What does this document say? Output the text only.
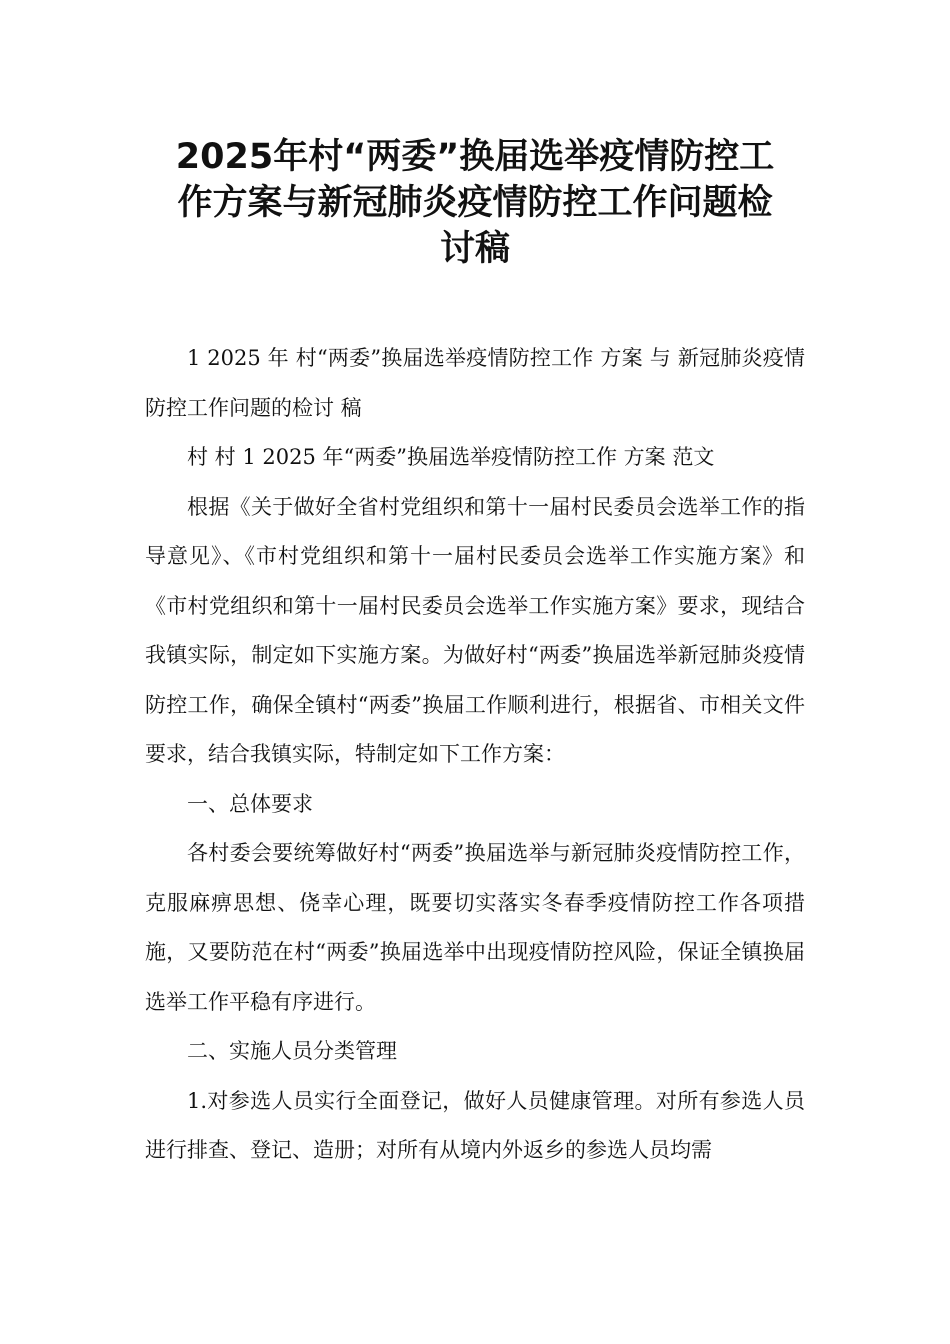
2025年村“两委”换届选举疫情防控工
作方案与新冠肺炎疫情防控工作问题检
讨稿

1 2025 年 村“两委”换届选举疫情防控工作 方案 与 新冠肺炎疫情防控工作问题的检讨 稿

村 村 1 2025 年“两委”换届选举疫情防控工作 方案 范文

根据《关于做好全省村党组织和第十一届村民委员会选举工作的指导意见》、《市村党组织和第十一届村民委员会选举工作实施方案》和《市村党组织和第十一届村民委员会选举工作实施方案》要求，现结合我镇实际，制定如下实施方案。为做好村“两委”换届选举新冠肺炎疫情防控工作，确保全镇村“两委”换届工作顺利进行，根据省、市相关文件要求，结合我镇实际，特制定如下工作方案：

一、总体要求

各村委会要统筹做好村“两委”换届选举与新冠肺炎疫情防控工作，克服麻痹思想、侥幸心理，既要切实落实冬春季疫情防控工作各项措施，又要防范在村“两委”换届选举中出现疫情防控风险，保证全镇换届选举工作平稳有序进行。

二、实施人员分类管理

1.对参选人员实行全面登记，做好人员健康管理。对所有参选人员进行排查、登记、造册；对所有从境内外返乡的参选人员均需
